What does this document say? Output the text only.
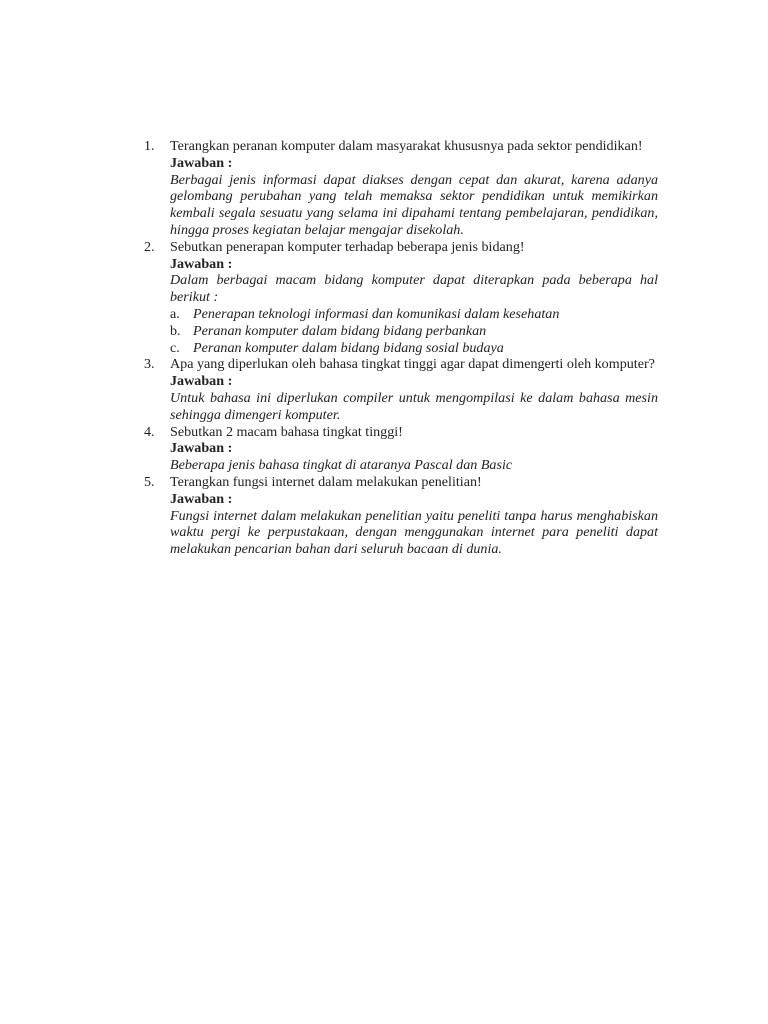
1.	Terangkan peranan komputer dalam masyarakat khususnya pada sektor pendidikan!
Jawaban :
Berbagai jenis informasi dapat diakses dengan cepat dan akurat, karena adanya gelombang perubahan yang telah memaksa sektor pendidikan untuk memikirkan kembali segala sesuatu yang selama ini dipahami tentang pembelajaran, pendidikan, hingga proses kegiatan belajar mengajar disekolah.
2.	Sebutkan penerapan komputer terhadap beberapa jenis bidang!
Jawaban :
Dalam berbagai macam bidang komputer dapat diterapkan pada beberapa hal berikut :
a. Penerapan teknologi informasi dan komunikasi dalam kesehatan
b. Peranan komputer dalam bidang bidang perbankan
c. Peranan komputer dalam bidang bidang sosial budaya
3.	Apa yang diperlukan oleh bahasa tingkat tinggi agar dapat dimengerti oleh komputer?
Jawaban :
Untuk bahasa ini diperlukan compiler untuk mengompilasi ke dalam bahasa mesin sehingga dimengeri komputer.
4.	Sebutkan 2 macam bahasa tingkat tinggi!
Jawaban :
Beberapa jenis bahasa tingkat di ataranya Pascal dan Basic
5.	Terangkan fungsi internet dalam melakukan penelitian!
Jawaban :
Fungsi internet dalam melakukan penelitian yaitu peneliti tanpa harus menghabiskan waktu pergi ke perpustakaan, dengan menggunakan internet para peneliti dapat melakukan pencarian bahan dari seluruh bacaan di dunia.
